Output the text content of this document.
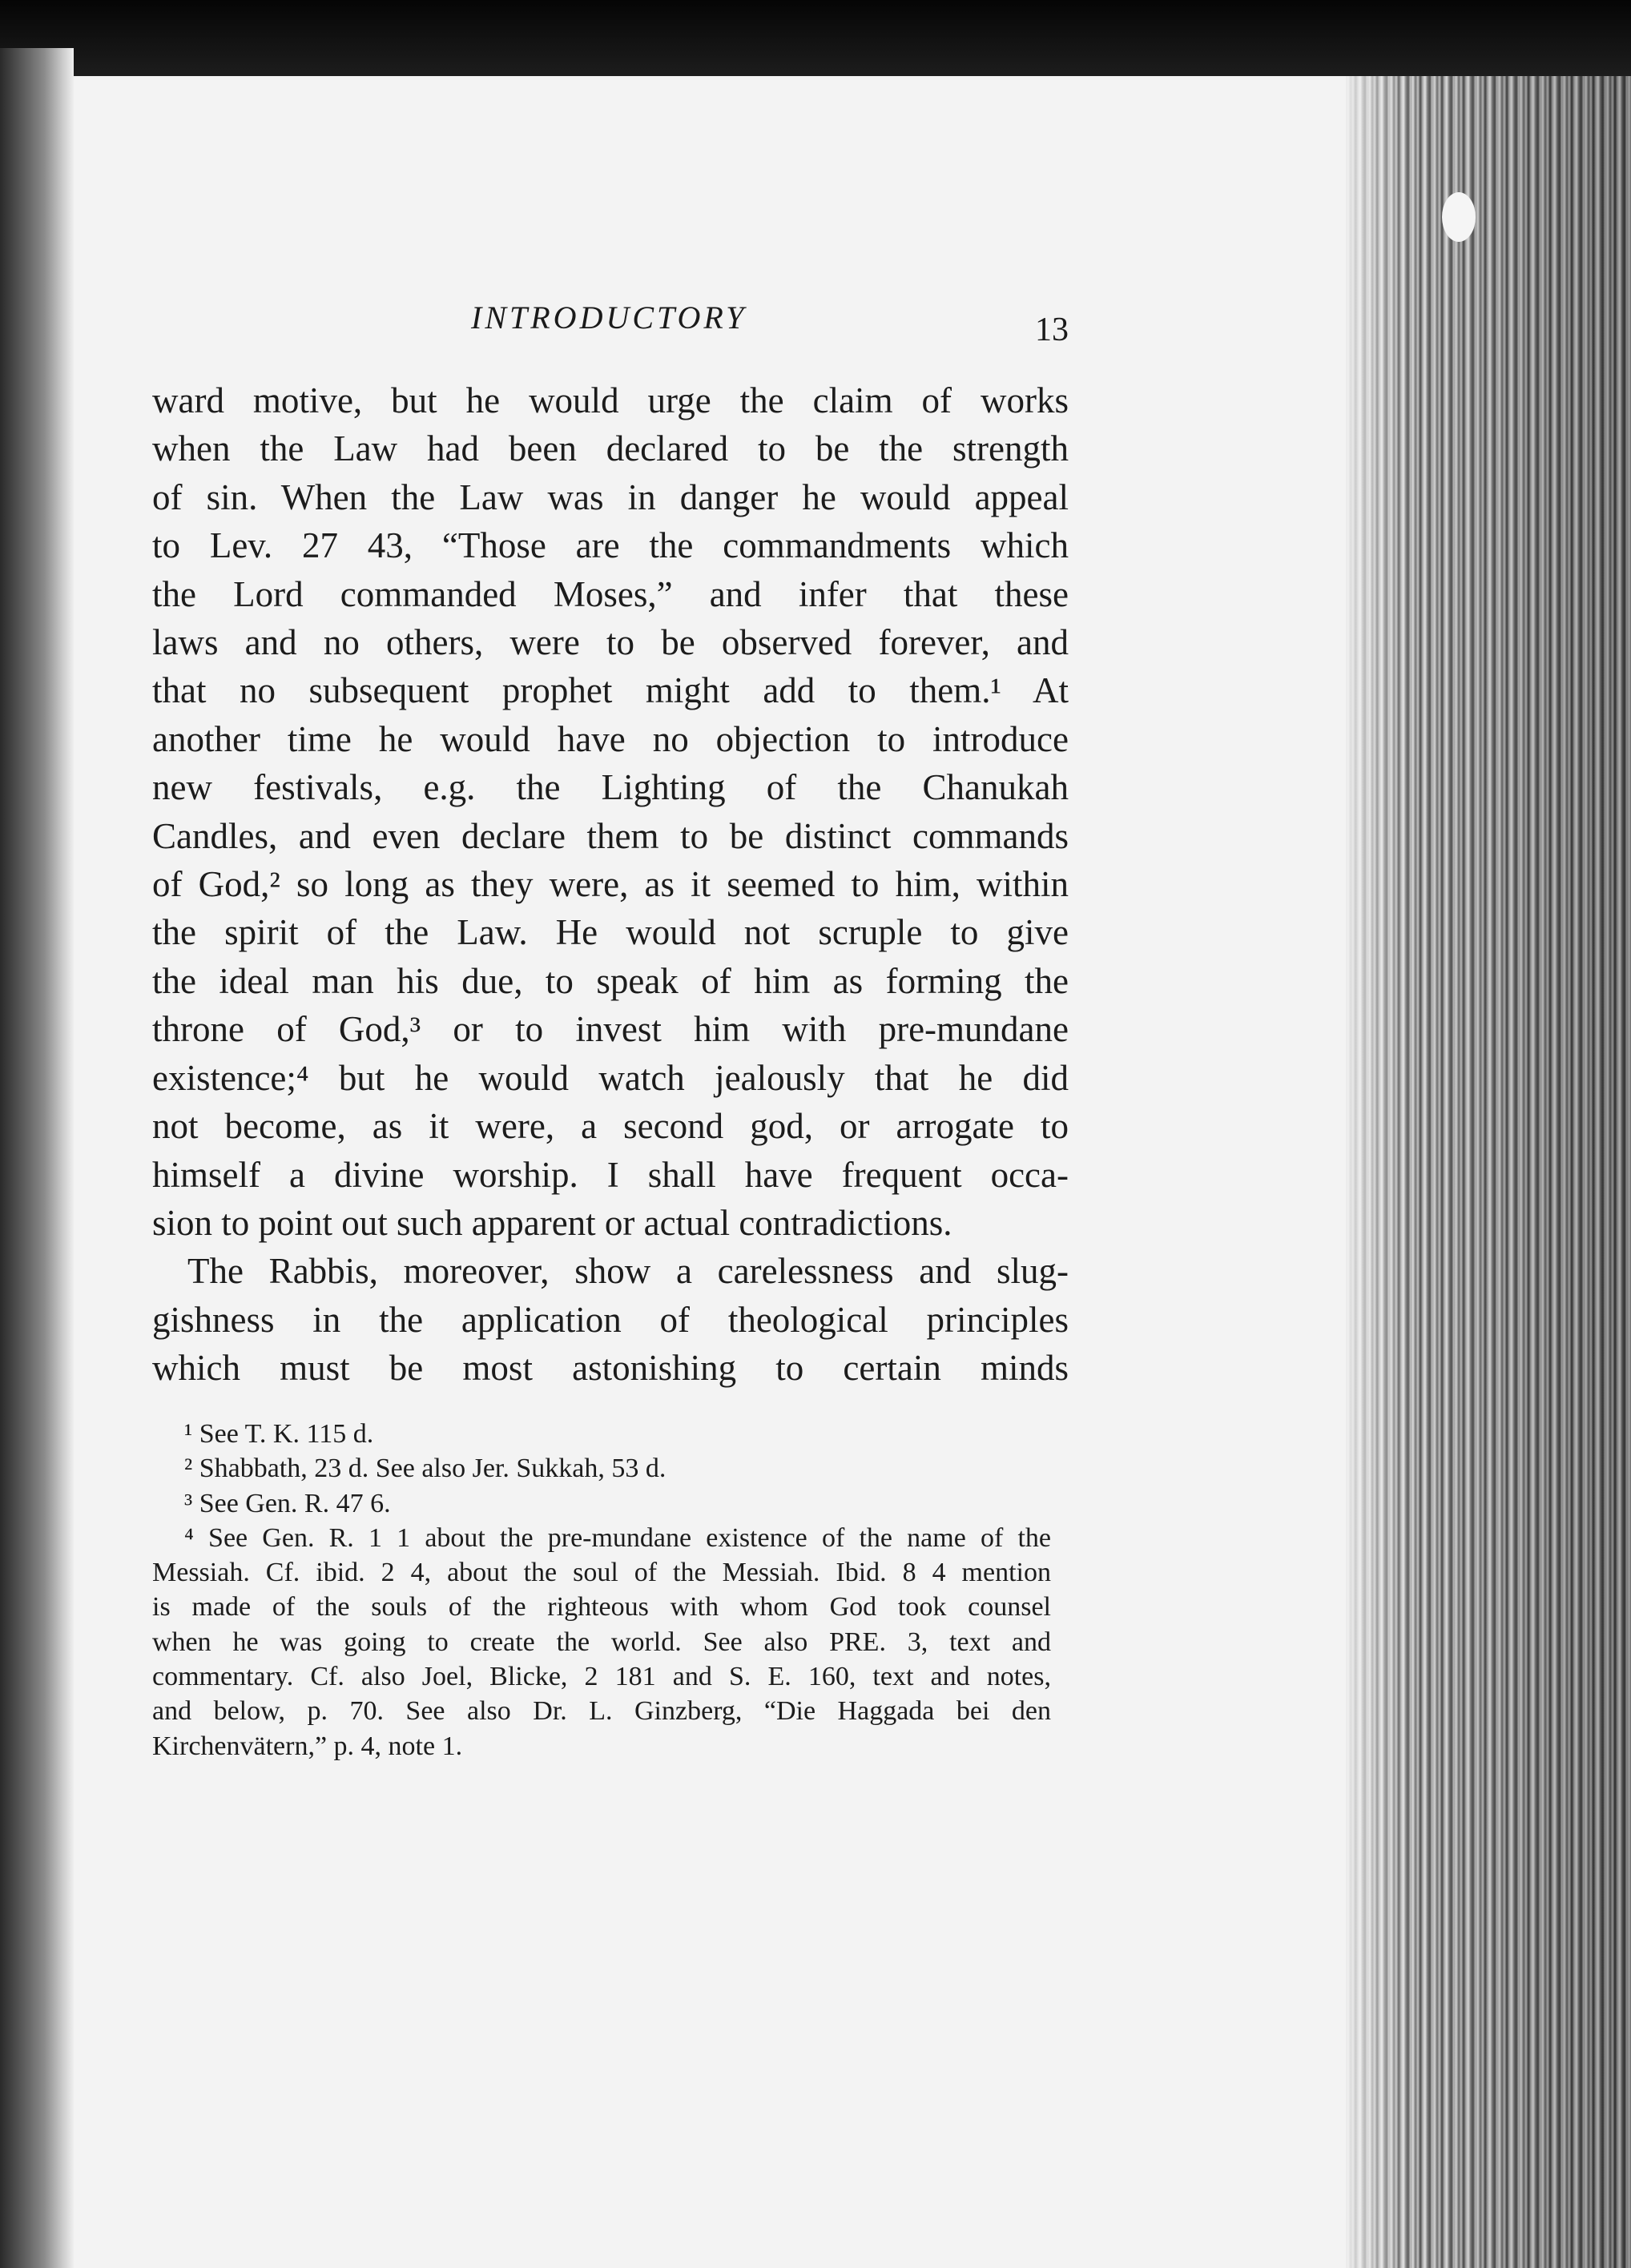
INTRODUCTORY	13
ward motive, but he would urge the claim of works
when the Law had been declared to be the strength
of sin. When the Law was in danger he would appeal
to Lev. 27 43, “Those are the commandments which
the Lord commanded Moses,” and infer that these
laws and no others, were to be observed forever, and
that no subsequent prophet might add to them.¹ At
another time he would have no objection to introduce
new festivals, e.g. the Lighting of the Chanukah
Candles, and even declare them to be distinct commands
of God,² so long as they were, as it seemed to him, within
the spirit of the Law. He would not scruple to give
the ideal man his due, to speak of him as forming the
throne of God,³ or to invest him with pre-mundane
existence;⁴ but he would watch jealously that he did
not become, as it were, a second god, or arrogate to
himself a divine worship. I shall have frequent occa-
sion to point out such apparent or actual contradictions.
The Rabbis, moreover, show a carelessness and slug-
gishness in the application of theological principles
which must be most astonishing to certain minds
¹ See T. K. 115 d.
² Shabbath, 23 d. See also Jer. Sukkah, 53 d.
³ See Gen. R. 47 6.
⁴ See Gen. R. 1 1 about the pre-mundane existence of the name of the
Messiah. Cf. ibid. 2 4, about the soul of the Messiah. Ibid. 8 4 mention
is made of the souls of the righteous with whom God took counsel
when he was going to create the world. See also PRE. 3, text and
commentary. Cf. also Joel, Blicke, 2 181 and S. E. 160, text and notes,
and below, p. 70. See also Dr. L. Ginzberg, “Die Haggada bei den
Kirchenvätern,” p. 4, note 1.
